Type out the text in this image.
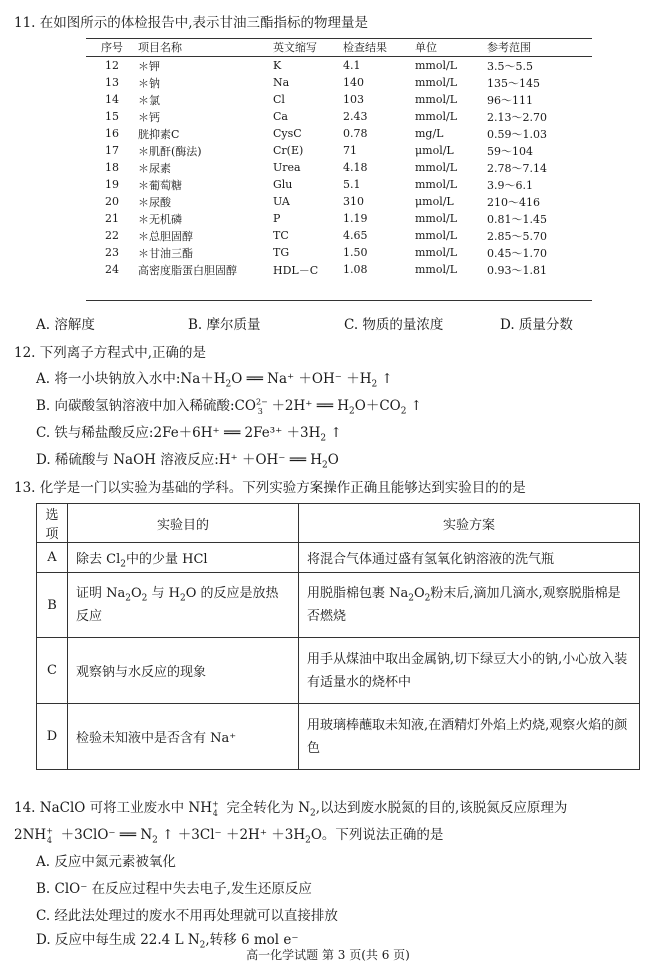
11. 在如图所示的体检报告中,表示甘油三酯指标的物理量是
序号	项目名称	英文缩写	检查结果	单位	参考范围
12	＊钾	K	4.1	mmol/L	3.5～5.5
13	＊钠	Na	140	mmol/L	135～145
14	＊氯	Cl	103	mmol/L	96～111
15	＊钙	Ca	2.43	mmol/L	2.13～2.70
16	胱抑素C	CysC	0.78	mg/L	0.59～1.03
17	＊肌酐(酶法)	Cr(E)	71	μmol/L	59～104
18	＊尿素	Urea	4.18	mmol/L	2.78～7.14
19	＊葡萄糖	Glu	5.1	mmol/L	3.9～6.1
20	＊尿酸	UA	310	μmol/L	210～416
21	＊无机磷	P	1.19	mmol/L	0.81～1.45
22	＊总胆固醇	TC	4.65	mmol/L	2.85～5.70
23	＊甘油三酯	TG	1.50	mmol/L	0.45～1.70
24	高密度脂蛋白胆固醇	HDL－C	1.08	mmol/L	0.93～1.81
A. 溶解度	B. 摩尔质量	C. 物质的量浓度	D. 质量分数
12. 下列离子方程式中,正确的是
A. 将一小块钠放入水中$:Na+H_2O$ ══ $Na^+ +OH^- +H_2$ ↑
B. 向碳酸氢钠溶液中加入稀硫酸$:CO^{2-}_3 +2H^+$ ══ $H_2O+CO_2$ ↑
C. 铁与稀盐酸反应:2Fe＋6H⁺ ══ $2Fe^{3+} +3H_2$ ↑
D. 稀硫酸与 NaOH 溶液反应:H⁺ ＋OH⁻ ══ $H_2O$
13. 化学是一门以实验为基础的学科。下列实验方案操作正确且能够达到实验目的的是
选项	实验目的	实验方案
A	除去 $Cl_2$中的少量 HCl	将混合气体通过盛有氢氧化钠溶液的洗气瓶
B	证明 $Na_2O_2$ 与 $H_2O$ 的反应是放热反应	用脱脂棉包裹 $Na_2O_2$粉末后,滴加几滴水,观察脱脂棉是否燃烧
C	观察钠与水反应的现象	用手从煤油中取出金属钠,切下绿豆大小的钠,小心放入装有适量水的烧杯中
D	检验未知液中是否含有 Na⁺	用玻璃棒蘸取未知液,在酒精灯外焰上灼烧,观察火焰的颜色
14. NaClO 可将工业废水中 $NH^+_4$ 完全转化为 $N_2$,以达到废水脱氮的目的,该脱氮反应原理为
$2NH^+_4 +3ClO^-$ ══ $N_2$ ↑ $+3Cl^- +2H^+ +3H_2O$。下列说法正确的是
A. 反应中氮元素被氧化
B. ClO⁻ 在反应过程中失去电子,发生还原反应
C. 经此法处理过的废水不用再处理就可以直接排放
D. 反应中每生成 22.4 L $N_2$,转移 6 mol e⁻
高一化学试题 第 3 页(共 6 页)
